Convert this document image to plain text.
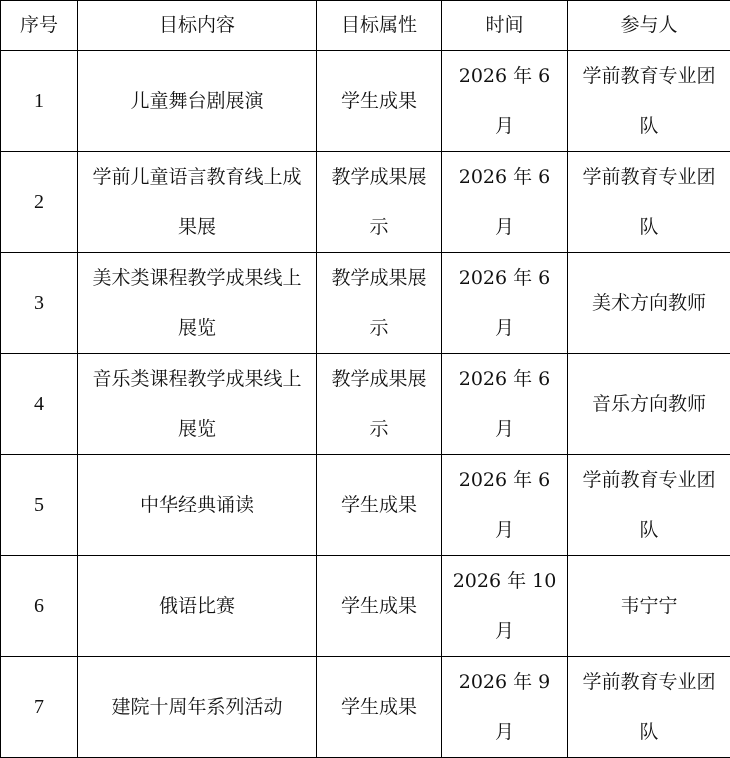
序号	目标内容	目标属性	时间	参与人
1	儿童舞台剧展演	学生成果	2026 年 6 月	学前教育专业团队
2	学前儿童语言教育线上成果展	教学成果展示	2026 年 6 月	学前教育专业团队
3	美术类课程教学成果线上展览	教学成果展示	2026 年 6 月	美术方向教师
4	音乐类课程教学成果线上展览	教学成果展示	2026 年 6 月	音乐方向教师
5	中华经典诵读	学生成果	2026 年 6 月	学前教育专业团队
6	俄语比赛	学生成果	2026 年 10 月	韦宁宁
7	建院十周年系列活动	学生成果	2026 年 9 月	学前教育专业团队
